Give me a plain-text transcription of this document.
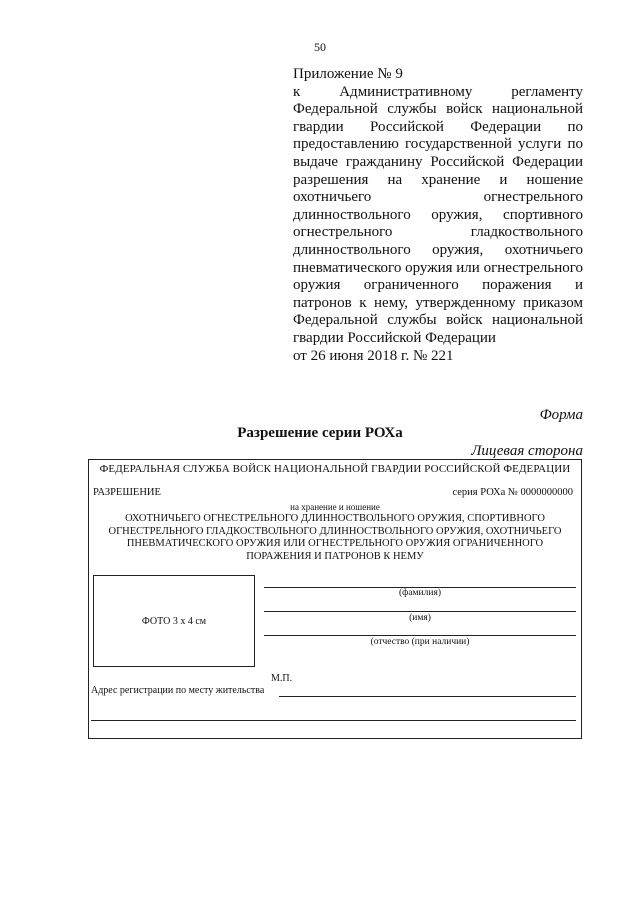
50
Приложение № 9
к Административному регламенту Федеральной службы войск национальной гвардии Российской Федерации по предоставлению государственной услуги по выдаче гражданину Российской Федерации разрешения на хранение и ношение охотничьего огнестрельного длинноствольного оружия, спортивного огнестрельного гладкоствольного длинноствольного оружия, охотничьего пневматического оружия или огнестрельного оружия ограниченного поражения и патронов к нему, утвержденному приказом Федеральной службы войск национальной гвардии Российской Федерации
от 26 июня 2018 г. № 221
Форма
Разрешение серии РОХа
Лицевая сторона
ФЕДЕРАЛЬНАЯ СЛУЖБА ВОЙСК НАЦИОНАЛЬНОЙ ГВАРДИИ РОССИЙСКОЙ ФЕДЕРАЦИИ
РАЗРЕШЕНИЕ	серия РОХа № 0000000000
на хранение и ношение
ОХОТНИЧЬЕГО ОГНЕСТРЕЛЬНОГО ДЛИННОСТВОЛЬНОГО ОРУЖИЯ, СПОРТИВНОГО ОГНЕСТРЕЛЬНОГО ГЛАДКОСТВОЛЬНОГО ДЛИННОСТВОЛЬНОГО ОРУЖИЯ, ОХОТНИЧЬЕГО ПНЕВМАТИЧЕСКОГО ОРУЖИЯ ИЛИ ОГНЕСТРЕЛЬНОГО ОРУЖИЯ ОГРАНИЧЕННОГО ПОРАЖЕНИЯ И ПАТРОНОВ К НЕМУ
ФОТО 3 х 4 см
(фамилия)
(имя)
(отчество (при наличии)
М.П.
Адрес регистрации по месту жительства
